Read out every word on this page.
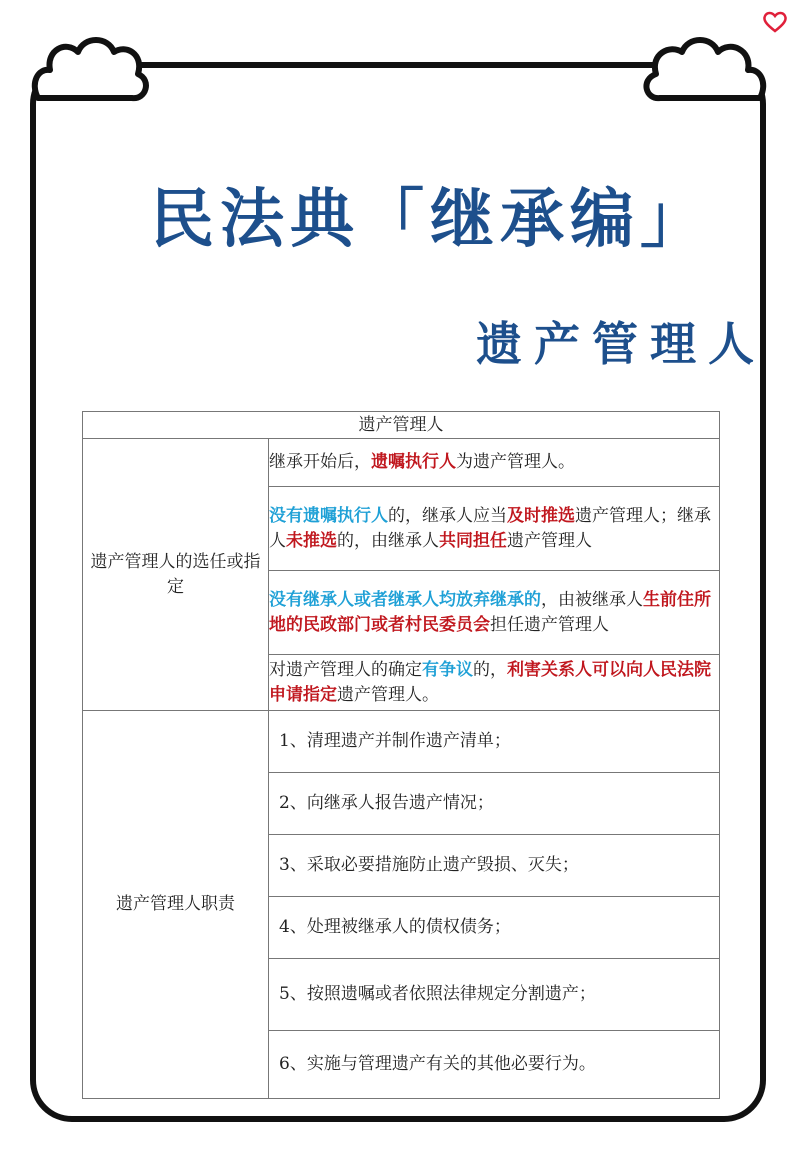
民法典「继承编」
遗产管理人
遗产管理人	
遗产管理人的选任或指定	继承开始后，遗嘱执行人为遗产管理人。
	没有遗嘱执行人的，继承人应当及时推选遗产管理人；继承人未推选的，由继承人共同担任遗产管理人
	没有继承人或者继承人均放弃继承的，由被继承人生前住所地的民政部门或者村民委员会担任遗产管理人
	对遗产管理人的确定有争议的，利害关系人可以向人民法院申请指定遗产管理人。
遗产管理人职责	1、清理遗产并制作遗产清单；
	2、向继承人报告遗产情况；
	3、采取必要措施防止遗产毁损、灭失；
	4、处理被继承人的债权债务；
	5、按照遗嘱或者依照法律规定分割遗产；
	6、实施与管理遗产有关的其他必要行为。
